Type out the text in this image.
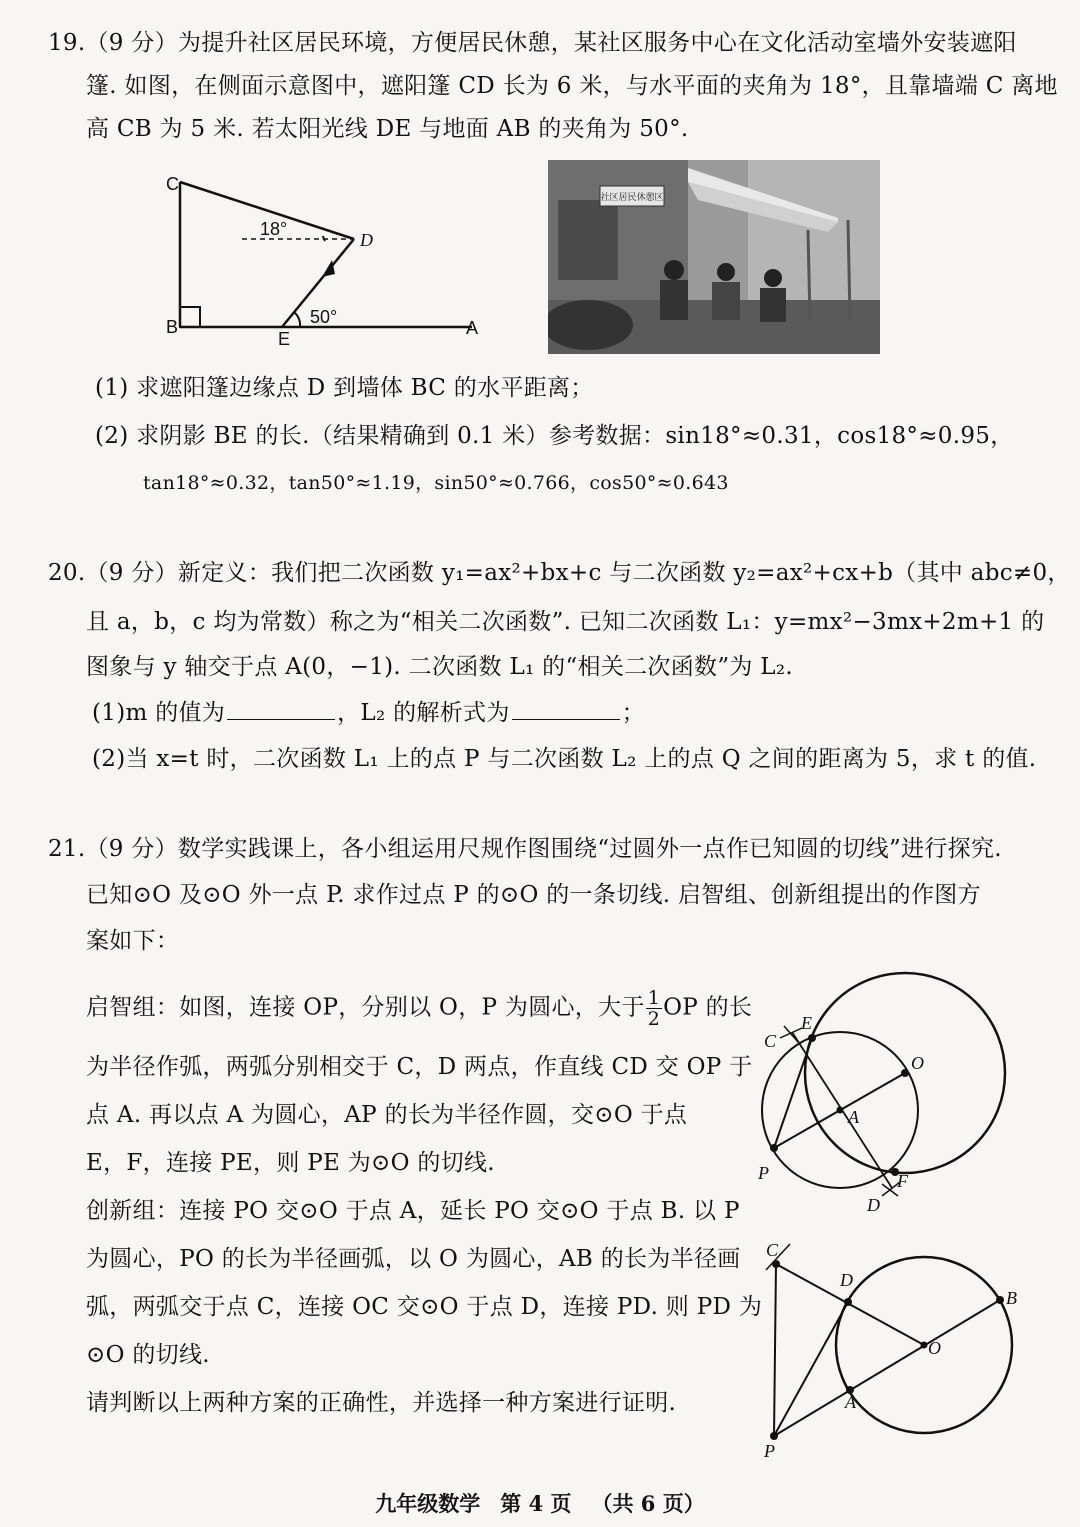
19.（9 分）为提升社区居民环境，方便居民休憩，某社区服务中心在文化活动室墙外安装遮阳
篷. 如图，在侧面示意图中，遮阳篷 CD 长为 6 米，与水平面的夹角为 18°，且靠墙端 C 离地
高 CB 为 5 米. 若太阳光线 DE 与地面 AB 的夹角为 50°.
C
D
B
E
A
18°
50°
社区居民休憩区
(1) 求遮阳篷边缘点 D 到墙体 BC 的水平距离；
(2) 求阴影 BE 的长.（结果精确到 0.1 米）参考数据：sin18°≈0.31，cos18°≈0.95，
tan18°≈0.32，tan50°≈1.19，sin50°≈0.766，cos50°≈0.643
20.（9 分）新定义：我们把二次函数 y₁=ax²+bx+c 与二次函数 y₂=ax²+cx+b（其中 abc≠0，
且 a，b，c 均为常数）称之为“相关二次函数”. 已知二次函数 L₁：y=mx²−3mx+2m+1 的
图象与 y 轴交于点 A(0，−1). 二次函数 L₁ 的“相关二次函数”为 L₂.
(1)m 的值为	，L₂ 的解析式为	；
(2)当 x=t 时，二次函数 L₁ 上的点 P 与二次函数 L₂ 上的点 Q 之间的距离为 5，求 t 的值.
21.（9 分）数学实践课上，各小组运用尺规作图围绕“过圆外一点作已知圆的切线”进行探究.
已知⊙O 及⊙O 外一点 P. 求作过点 P 的⊙O 的一条切线. 启智组、创新组提出的作图方
案如下：
启智组：如图，连接 OP，分别以 O，P 为圆心，大于 $\frac{1}{2}$ OP 的长
为半径作弧，两弧分别相交于 C，D 两点，作直线 CD 交 OP 于
点 A. 再以点 A 为圆心，AP 的长为半径作圆，交⊙O 于点
E，F，连接 PE，则 PE 为⊙O 的切线.
创新组：连接 PO 交⊙O 于点 A，延长 PO 交⊙O 于点 B. 以 P
为圆心，PO 的长为半径画弧，以 O 为圆心，AB 的长为半径画
弧，两弧交于点 C，连接 OC 交⊙O 于点 D，连接 PD. 则 PD 为
⊙O 的切线.
请判断以上两种方案的正确性，并选择一种方案进行证明.
C
E
O
A
P	F
D
C
D
B
O
A
P
九年级数学 第 4 页 （共 6 页）
